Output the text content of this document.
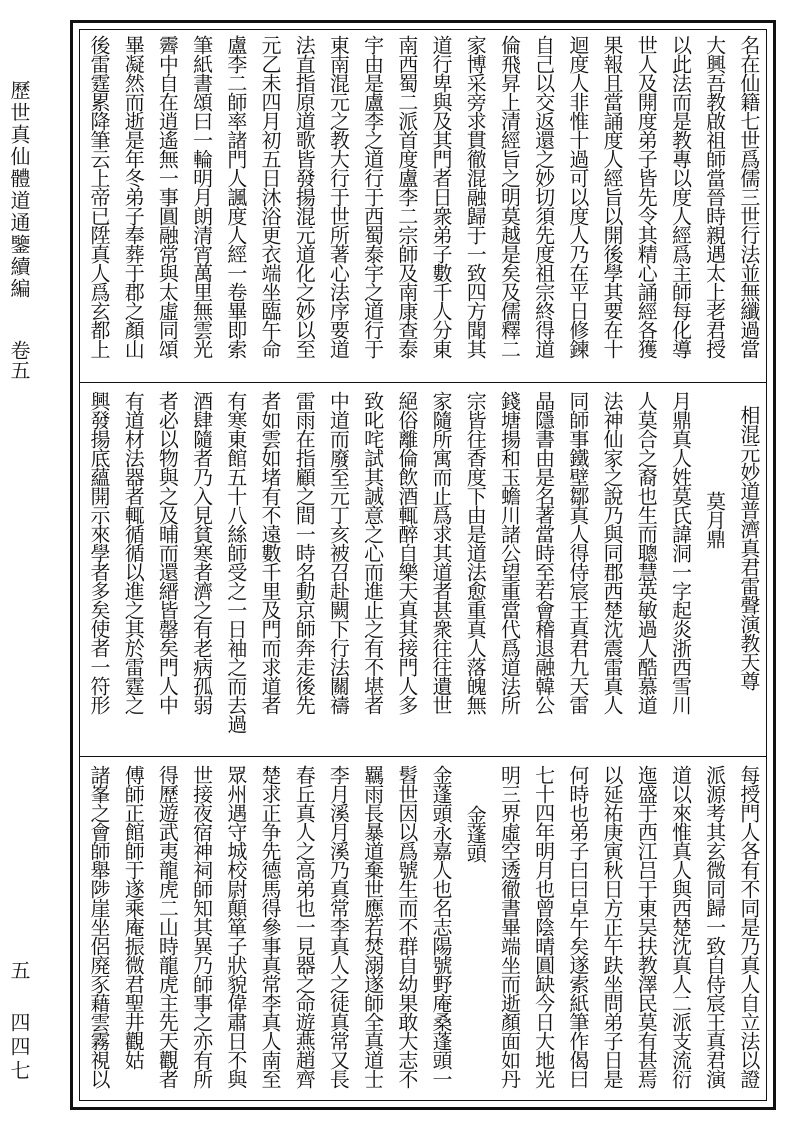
歷世真仙體道通鑒續編
卷五
五 四四七
名在仙籍七世爲儒三世行法並無纖過當
大興吾教啟祖師當晉時親遇太上老君授
以此法而是教專以度人經爲主師每化導
世人及開度弟子皆先令其精心誦經各獲
果報且當誦度人經旨以開後學其要在十
迴度人非惟十過可以度人乃在平日修鍊
自己以交返還之妙切須先度祖宗終得道
倫飛昇上清經旨之明莫越是矣及儒釋二
家博采旁求貫徹混融歸于一致四方聞其
道行卑與及其門者日衆弟子數千人分東
南西蜀二派首度盧李二宗師及南康查泰
宇由是盧李之道行于西蜀泰宇之道行于
東南混元之教大行于世所著心法序要道
法直指原道歌皆發揚混元道化之妙以至
元乙未四月初五日沐浴更衣端坐臨午命
盧李二師率諸門人諷度人經一卷畢即索
筆紙書頌曰一輪明月朗清宵萬里無雲光
霽中自在逍遙無一事圓融常與太虛同頌
畢凝然而逝是年冬弟子奉葬于郡之顏山
後雷霆累降筆云上帝已陞真人爲玄都上
相混元妙道普濟真君雷聲演教天尊
莫月鼎
月鼎真人姓莫氏諱洞一字起炎浙西雪川
人莫合之裔也生而聰慧英敏過人酷慕道
法神仙家之說乃與同郡西楚沈震雷真人
同師事鐵壁鄒真人得侍宸王真君九天雷
晶隱書由是名著當時至若會稽退融韓公
錢塘揚和玉蟾川諸公望重當代爲道法所
宗皆往香度下由是道法愈重真人落魄無
家隨所寓而止爲求其道者甚衆往往遺世
絕俗離倫飲酒輒醉自樂天真其接門人多
致叱咤試其誠意之心而進止之有不堪者
中道而廢至元丁亥被召赴闕下行法關禱
雷雨在指顧之間一時名動京師奔走後先
者如雲如堵有不遠數千里及門而求道者
有寒東館五十八絲師受之一日袖之而去過
酒肆隨者乃入見貧寒者濟之有老病孤弱
者必以物與之及晡而還縉皆罄矣門人中
有道材法器者輒循循以進之其於雷霆之
興發揚底蘊開示來學者多矣使者一符形
每授門人各有不同是乃真人自立法以證
派源考其玄微同歸一致自侍宸王真君演
道以來惟真人與西楚沈真人二派支流衍
迤盛于西江吕于東吴扶教澤民莫有甚焉
以延祐庚寅秋日方正午趺坐問弟子日是
何時也弟子曰曰卓午矣遂索紙筆作偈曰
七十四年明月也曾陰晴圓缺今日大地光
明三界虛空透徹書畢端坐而逝顏面如丹
金蓬頭
金蓬頭永嘉人也名志陽號野庵桑蓬頭一
髫世因以爲號生而不群自幼果敢大志不
羈雨長暴道棄世應若焚溺遂師全真道士
李月溪月溪乃真常李真人之徒真常又長
春丘真人之高弟也一見器之命遊燕趙齊
楚求正争先德馬得參事真常李真人南至
眾州遇守城校尉顛箪子狀貌偉肅日不與
世接夜宿神祠師知其異乃師事之亦有所
得歷遊武夷龍虎二山時龍虎主先天觀者
傅師正館師于遂乘庵振微君聖井觀姑
諸峯之會師舉陟崖坐侶廃豕藉雲霧視以
